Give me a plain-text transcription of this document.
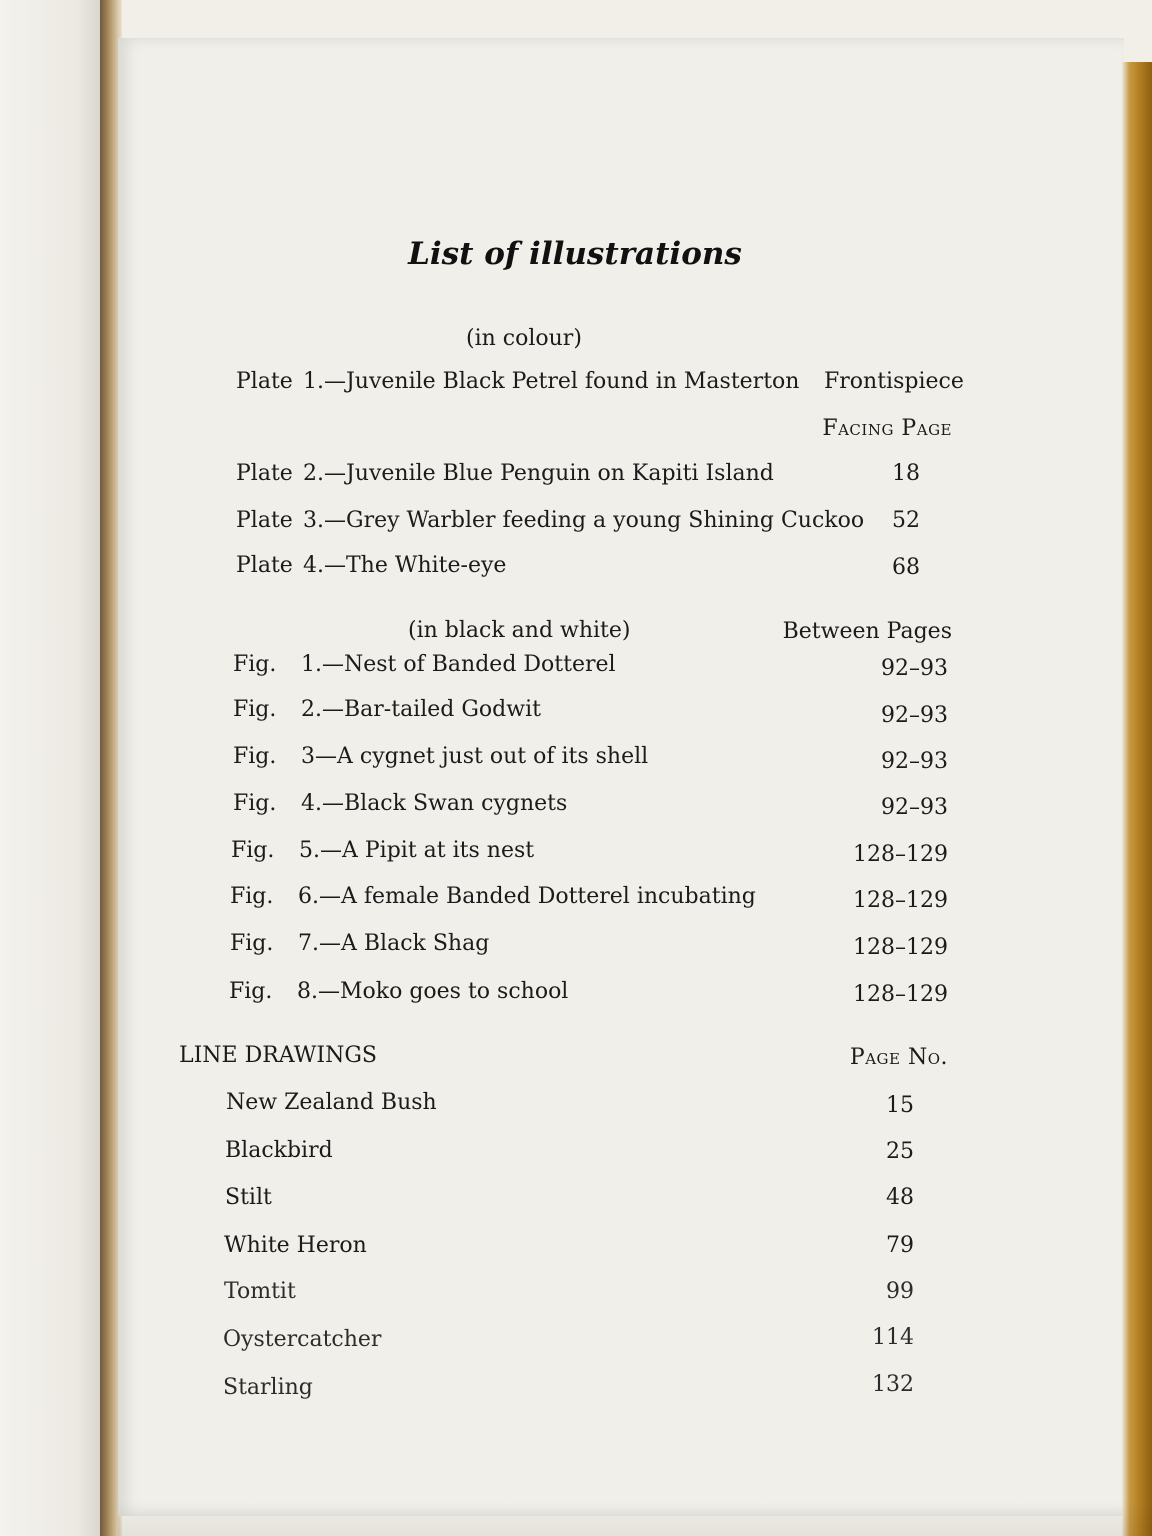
List of illustrations
(in colour)
Plate 1.—Juvenile Black Petrel found in Masterton Frontispiece
Facing Page
Plate 2.—Juvenile Blue Penguin on Kapiti Island	18
Plate 3.—Grey Warbler feeding a young Shining Cuckoo	52
Plate 4.—The White-eye	68
(in black and white)	Between Pages
Fig. 1.—Nest of Banded Dotterel	92–93
Fig. 2.—Bar-tailed Godwit	92–93
Fig. 3—A cygnet just out of its shell	92–93
Fig. 4.—Black Swan cygnets	92–93
Fig. 5.—A Pipit at its nest	128–129
Fig. 6.—A female Banded Dotterel incubating	128–129
Fig. 7.—A Black Shag	128–129
Fig. 8.—Moko goes to school	128–129
LINE DRAWINGS	Page No.
New Zealand Bush	15
Blackbird	25
Stilt	48
White Heron	79
Tomtit	99
Oystercatcher	114
Starling	132
